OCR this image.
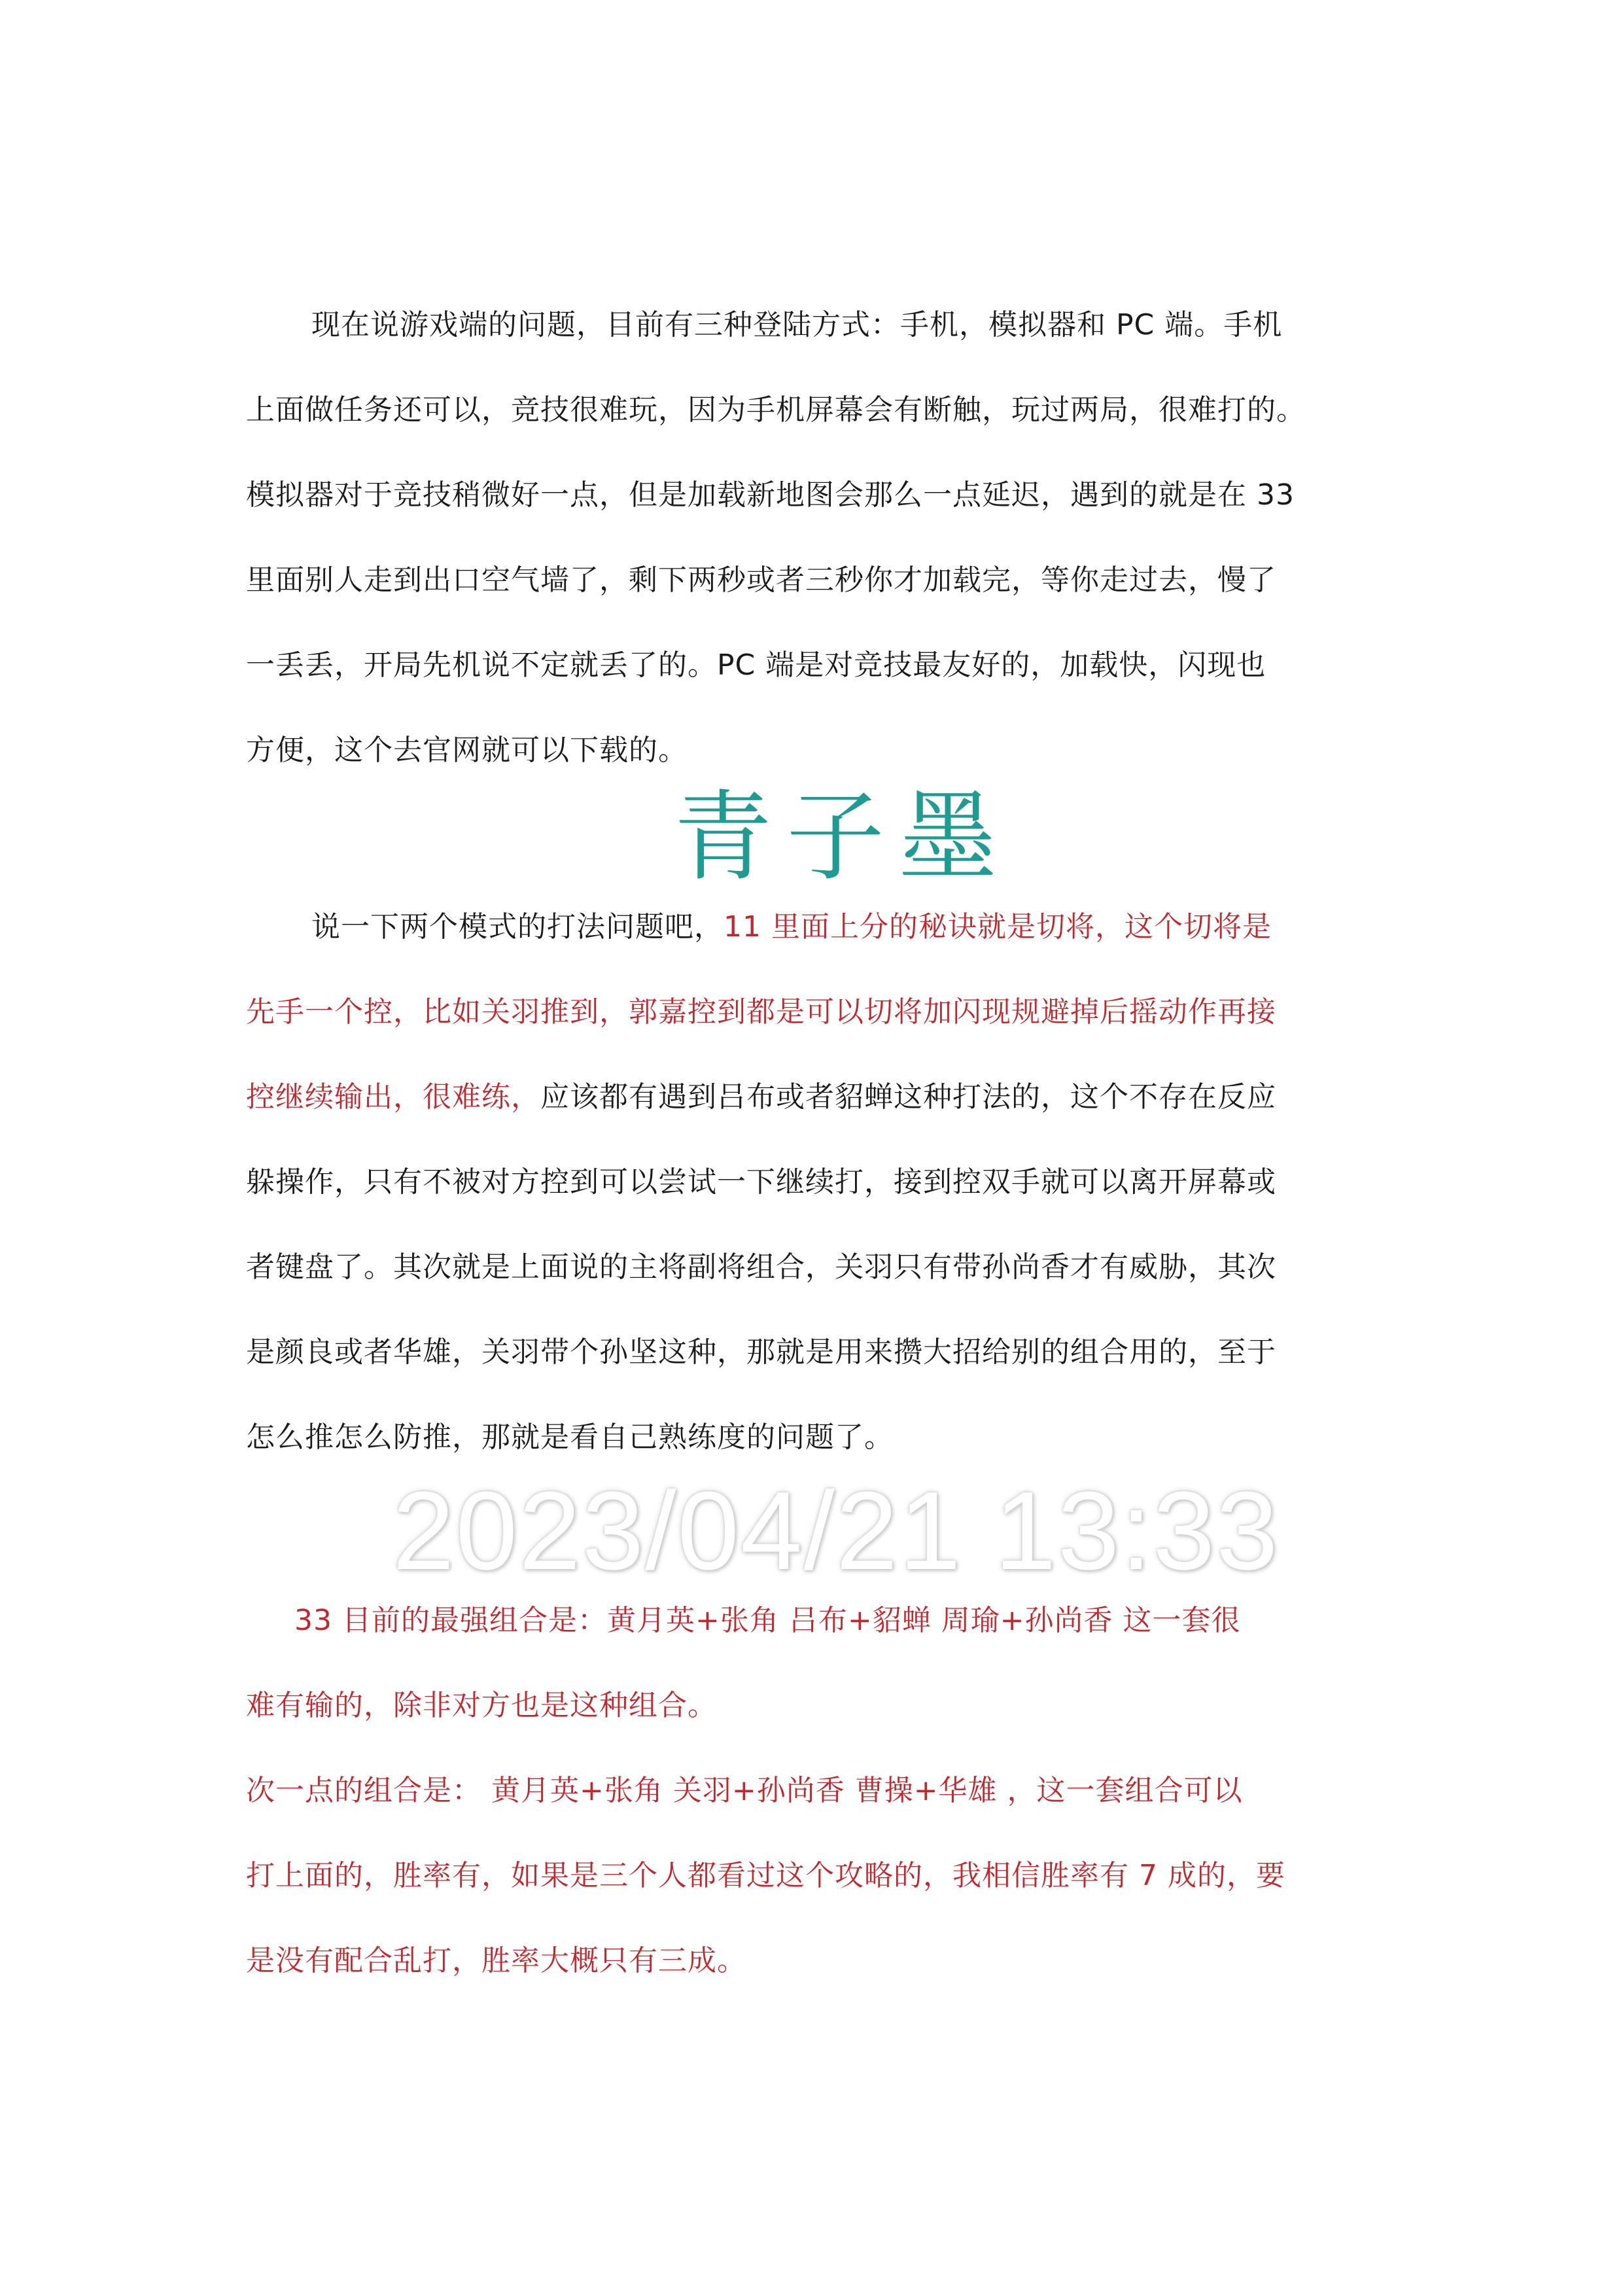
现在说游戏端的问题，目前有三种登陆方式：手机，模拟器和 PC 端。手机
上面做任务还可以，竞技很难玩，因为手机屏幕会有断触，玩过两局，很难打的。
模拟器对于竞技稍微好一点，但是加载新地图会那么一点延迟，遇到的就是在 33
里面别人走到出口空气墙了，剩下两秒或者三秒你才加载完，等你走过去，慢了
一丢丢，开局先机说不定就丢了的。PC 端是对竞技最友好的，加载快，闪现也
方便，这个去官网就可以下载的。
青子墨
说一下两个模式的打法问题吧，11 里面上分的秘诀就是切将，这个切将是
先手一个控，比如关羽推到，郭嘉控到都是可以切将加闪现规避掉后摇动作再接
控继续输出，很难练，应该都有遇到吕布或者貂蝉这种打法的，这个不存在反应
躲操作，只有不被对方控到可以尝试一下继续打，接到控双手就可以离开屏幕或
者键盘了。其次就是上面说的主将副将组合，关羽只有带孙尚香才有威胁，其次
是颜良或者华雄，关羽带个孙坚这种，那就是用来攒大招给别的组合用的，至于
怎么推怎么防推，那就是看自己熟练度的问题了。
2023/04/21 13:33
33 目前的最强组合是：黄月英+张角 吕布+貂蝉 周瑜+孙尚香 这一套很
难有输的，除非对方也是这种组合。
次一点的组合是： 黄月英+张角 关羽+孙尚香 曹操+华雄 ，这一套组合可以
打上面的，胜率有，如果是三个人都看过这个攻略的，我相信胜率有 7 成的，要
是没有配合乱打，胜率大概只有三成。
